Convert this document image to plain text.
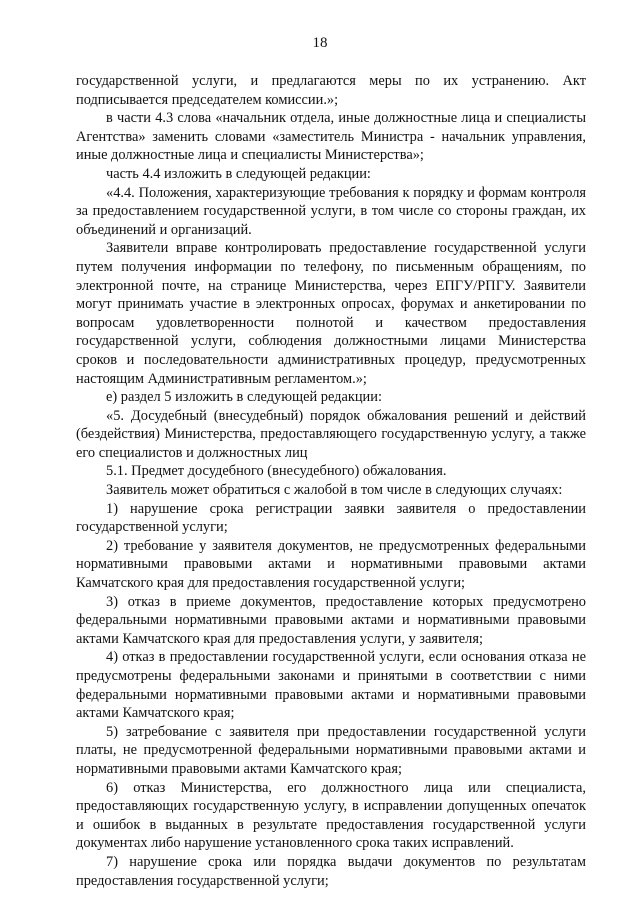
18

государственной услуги, и предлагаются меры по их устранению. Акт подписывается председателем комиссии.»;

в части 4.3 слова «начальник отдела, иные должностные лица и специалисты Агентства» заменить словами «заместитель Министра - начальник управления, иные должностные лица и специалисты Министерства»;

часть 4.4 изложить в следующей редакции:

«4.4. Положения, характеризующие требования к порядку и формам контроля за предоставлением государственной услуги, в том числе со стороны граждан, их объединений и организаций.

Заявители вправе контролировать предоставление государственной услуги путем получения информации по телефону, по письменным обращениям, по электронной почте, на странице Министерства, через ЕПГУ/РПГУ. Заявители могут принимать участие в электронных опросах, форумах и анкетировании по вопросам удовлетворенности полнотой и качеством предоставления государственной услуги, соблюдения должностными лицами Министерства сроков и последовательности административных процедур, предусмотренных настоящим Административным регламентом.»;

е) раздел 5 изложить в следующей редакции:

«5. Досудебный (внесудебный) порядок обжалования решений и действий (бездействия) Министерства, предоставляющего государственную услугу, а также его специалистов и должностных лиц

5.1. Предмет досудебного (внесудебного) обжалования.

Заявитель может обратиться с жалобой в том числе в следующих случаях:

1) нарушение срока регистрации заявки заявителя о предоставлении государственной услуги;

2) требование у заявителя документов, не предусмотренных федеральными нормативными правовыми актами и нормативными правовыми актами Камчатского края для предоставления государственной услуги;

3) отказ в приеме документов, предоставление которых предусмотрено федеральными нормативными правовыми актами и нормативными правовыми актами Камчатского края для предоставления услуги, у заявителя;

4) отказ в предоставлении государственной услуги, если основания отказа не предусмотрены федеральными законами и принятыми в соответствии с ними федеральными нормативными правовыми актами и нормативными правовыми актами Камчатского края;

5) затребование с заявителя при предоставлении государственной услуги платы, не предусмотренной федеральными нормативными правовыми актами и нормативными правовыми актами Камчатского края;

6) отказ Министерства, его должностного лица или специалиста, предоставляющих государственную услугу, в исправлении допущенных опечаток и ошибок в выданных в результате предоставления государственной услуги документах либо нарушение установленного срока таких исправлений.

7) нарушение срока или порядка выдачи документов по результатам предоставления государственной услуги;
